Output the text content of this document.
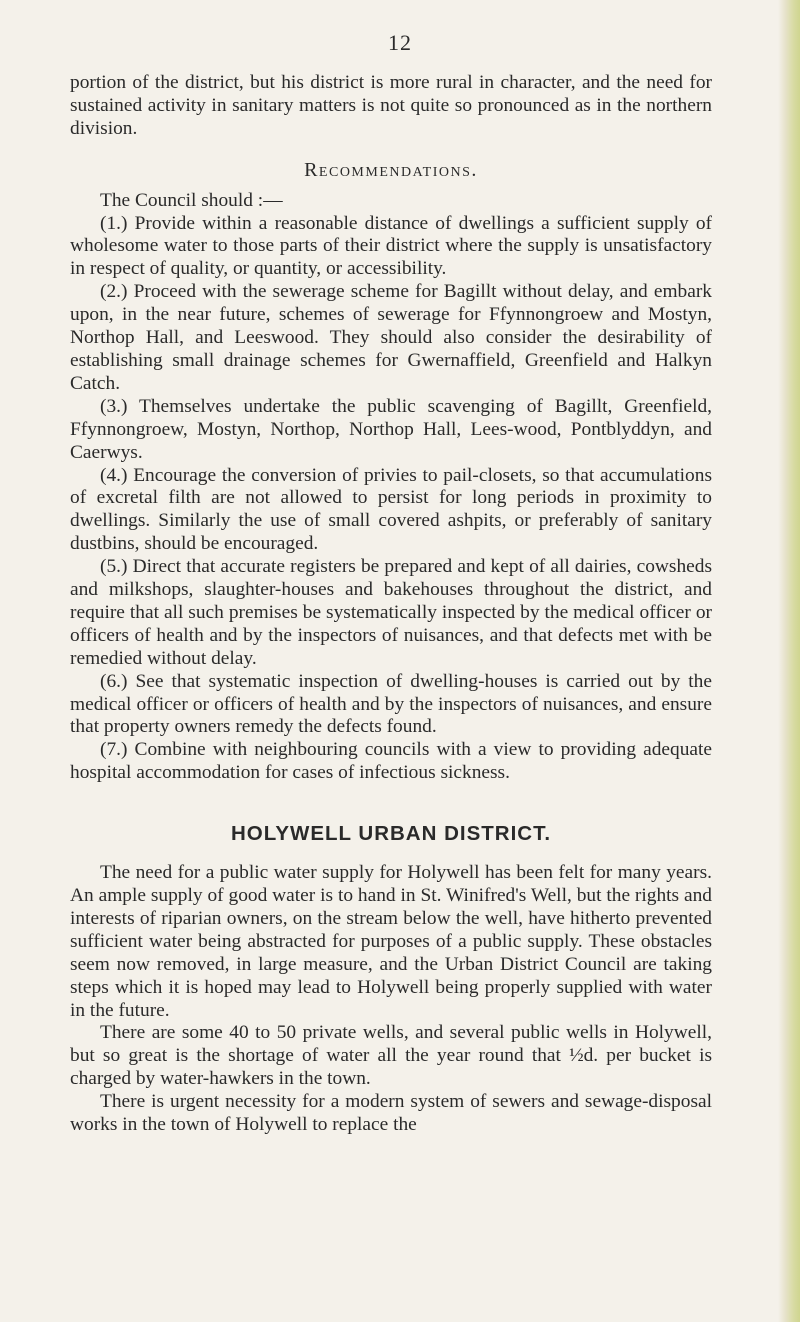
12

portion of the district, but his district is more rural in character, and the need for sustained activity in sanitary matters is not quite so pronounced as in the northern division.

Recommendations.

The Council should :—

(1.) Provide within a reasonable distance of dwellings a sufficient supply of wholesome water to those parts of their district where the supply is unsatisfactory in respect of quality, or quantity, or accessibility.

(2.) Proceed with the sewerage scheme for Bagillt without delay, and embark upon, in the near future, schemes of sewerage for Ffynnongroew and Mostyn, Northop Hall, and Leeswood. They should also consider the desirability of establishing small drainage schemes for Gwernaffield, Greenfield and Halkyn Catch.

(3.) Themselves undertake the public scavenging of Bagillt, Greenfield, Ffynnongroew, Mostyn, Northop, Northop Hall, Lees-wood, Pontblyddyn, and Caerwys.

(4.) Encourage the conversion of privies to pail-closets, so that accumulations of excretal filth are not allowed to persist for long periods in proximity to dwellings. Similarly the use of small covered ashpits, or preferably of sanitary dustbins, should be encouraged.

(5.) Direct that accurate registers be prepared and kept of all dairies, cowsheds and milkshops, slaughter-houses and bakehouses throughout the district, and require that all such premises be systematically inspected by the medical officer or officers of health and by the inspectors of nuisances, and that defects met with be remedied without delay.

(6.) See that systematic inspection of dwelling-houses is carried out by the medical officer or officers of health and by the inspectors of nuisances, and ensure that property owners remedy the defects found.

(7.) Combine with neighbouring councils with a view to providing adequate hospital accommodation for cases of infectious sickness.

HOLYWELL URBAN DISTRICT.

The need for a public water supply for Holywell has been felt for many years. An ample supply of good water is to hand in St. Winifred's Well, but the rights and interests of riparian owners, on the stream below the well, have hitherto prevented sufficient water being abstracted for purposes of a public supply. These obstacles seem now removed, in large measure, and the Urban District Council are taking steps which it is hoped may lead to Holywell being properly supplied with water in the future.

There are some 40 to 50 private wells, and several public wells in Holywell, but so great is the shortage of water all the year round that ½d. per bucket is charged by water-hawkers in the town.

There is urgent necessity for a modern system of sewers and sewage-disposal works in the town of Holywell to replace the
